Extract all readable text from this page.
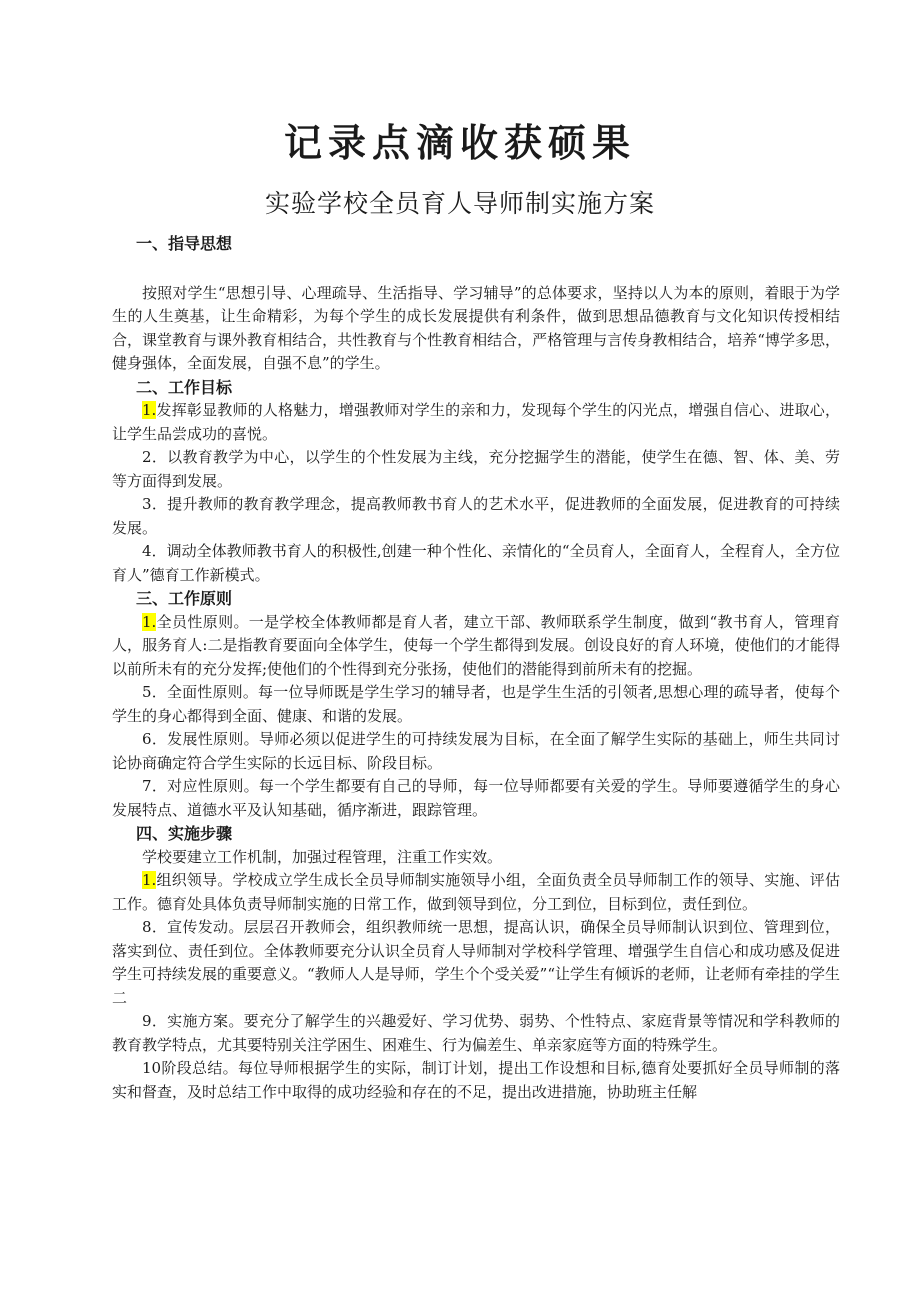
记录点滴收获硕果
实验学校全员育人导师制实施方案

一、指导思想

按照对学生“思想引导、心理疏导、生活指导、学习辅导”的总体要求，坚持以人为本的原则，着眼于为学生的人生奠基，让生命精彩，为每个学生的成长发展提供有利条件，做到思想品德教育与文化知识传授相结合，课堂教育与课外教育相结合，共性教育与个性教育相结合，严格管理与言传身教相结合，培养“博学多思，健身强体，全面发展，自强不息”的学生。

二、工作目标

1.发挥彰显教师的人格魅力，增强教师对学生的亲和力，发现每个学生的闪光点，增强自信心、进取心，让学生品尝成功的喜悦。

2．以教育教学为中心，以学生的个性发展为主线，充分挖掘学生的潜能，使学生在德、智、体、美、劳等方面得到发展。

3．提升教师的教育教学理念，提高教师教书育人的艺术水平，促进教师的全面发展，促进教育的可持续发展。

4．调动全体教师教书育人的积极性,创建一种个性化、亲情化的“全员育人，全面育人，全程育人，全方位育人”德育工作新模式。

三、工作原则

1.全员性原则。一是学校全体教师都是育人者，建立干部、教师联系学生制度，做到“教书育人，管理育人，服务育人:二是指教育要面向全体学生，使每一个学生都得到发展。创设良好的育人环境，使他们的才能得以前所未有的充分发挥;使他们的个性得到充分张扬，使他们的潜能得到前所未有的挖掘。

5．全面性原则。每一位导师既是学生学习的辅导者，也是学生生活的引领者,思想心理的疏导者，使每个学生的身心都得到全面、健康、和谐的发展。

6．发展性原则。导师必须以促进学生的可持续发展为目标，在全面了解学生实际的基础上，师生共同讨论协商确定符合学生实际的长远目标、阶段目标。

7．对应性原则。每一个学生都要有自己的导师，每一位导师都要有关爱的学生。导师要遵循学生的身心发展特点、道德水平及认知基础，循序渐进，跟踪管理。

四、实施步骤

学校要建立工作机制，加强过程管理，注重工作实效。

1.组织领导。学校成立学生成长全员导师制实施领导小组，全面负责全员导师制工作的领导、实施、评估工作。德育处具体负责导师制实施的日常工作，做到领导到位，分工到位，目标到位，责任到位。

8．宣传发动。层层召开教师会，组织教师统一思想，提高认识，确保全员导师制认识到位、管理到位，落实到位、责任到位。全体教师要充分认识全员育人导师制对学校科学管理、增强学生自信心和成功感及促进学生可持续发展的重要意义。“教师人人是导师，学生个个受关爱”“让学生有倾诉的老师，让老师有牵挂的学生二

9．实施方案。要充分了解学生的兴趣爱好、学习优势、弱势、个性特点、家庭背景等情况和学科教师的教育教学特点，尤其要特别关注学困生、困难生、行为偏差生、单亲家庭等方面的特殊学生。

10阶段总结。每位导师根据学生的实际，制订计划，提出工作设想和目标,德育处要抓好全员导师制的落实和督查，及时总结工作中取得的成功经验和存在的不足，提出改进措施，协助班主任解
